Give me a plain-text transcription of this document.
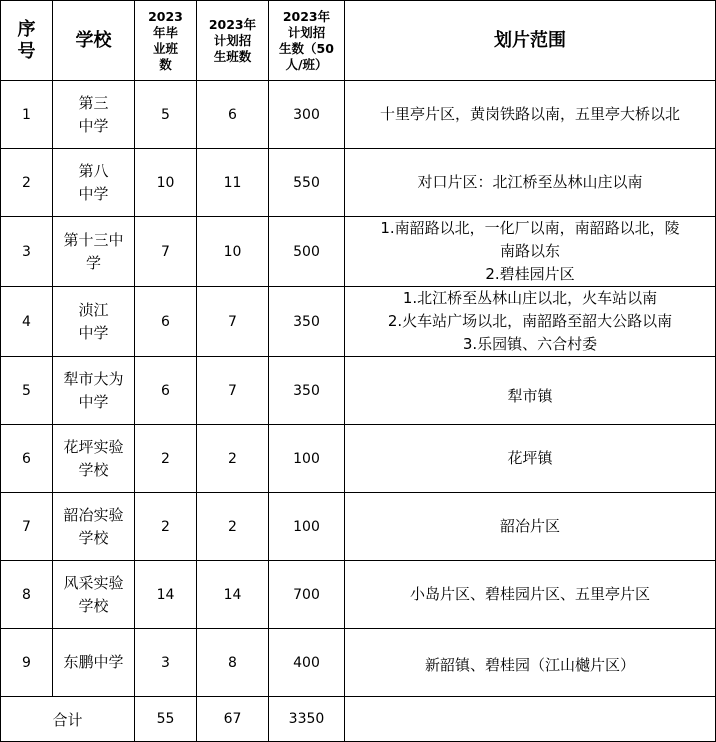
序
号	学校	2023
年毕
业班
数	2023年
计划招
生班数	2023年
计划招
生数（50
人/班）	划片范围
1	第三
中学	5	6	300	十里亭片区，黄岗铁路以南，五里亭大桥以北

2	第八
中学	10	11	550	对口片区：北江桥至丛林山庄以南

3	第十三中
学	7	10	500	1.南韶路以北，一化厂以南，南韶路以北，陵
南路以东
2.碧桂园片区

4	浈江
中学	6	7	350	1.北江桥至丛林山庄以北，火车站以南
2.火车站广场以北，南韶路至韶大公路以南
3.乐园镇、六合村委

5	犁市大为
中学	6	7	350	犁市镇

6	花坪实验
学校	2	2	100	花坪镇

7	韶冶实验
学校	2	2	100	韶冶片区

8	风采实验
学校	14	14	700	小岛片区、碧桂园片区、五里亭片区

9	东鹏中学	3	8	400	新韶镇、碧桂园（江山樾片区）

合计		55	67	3350	
